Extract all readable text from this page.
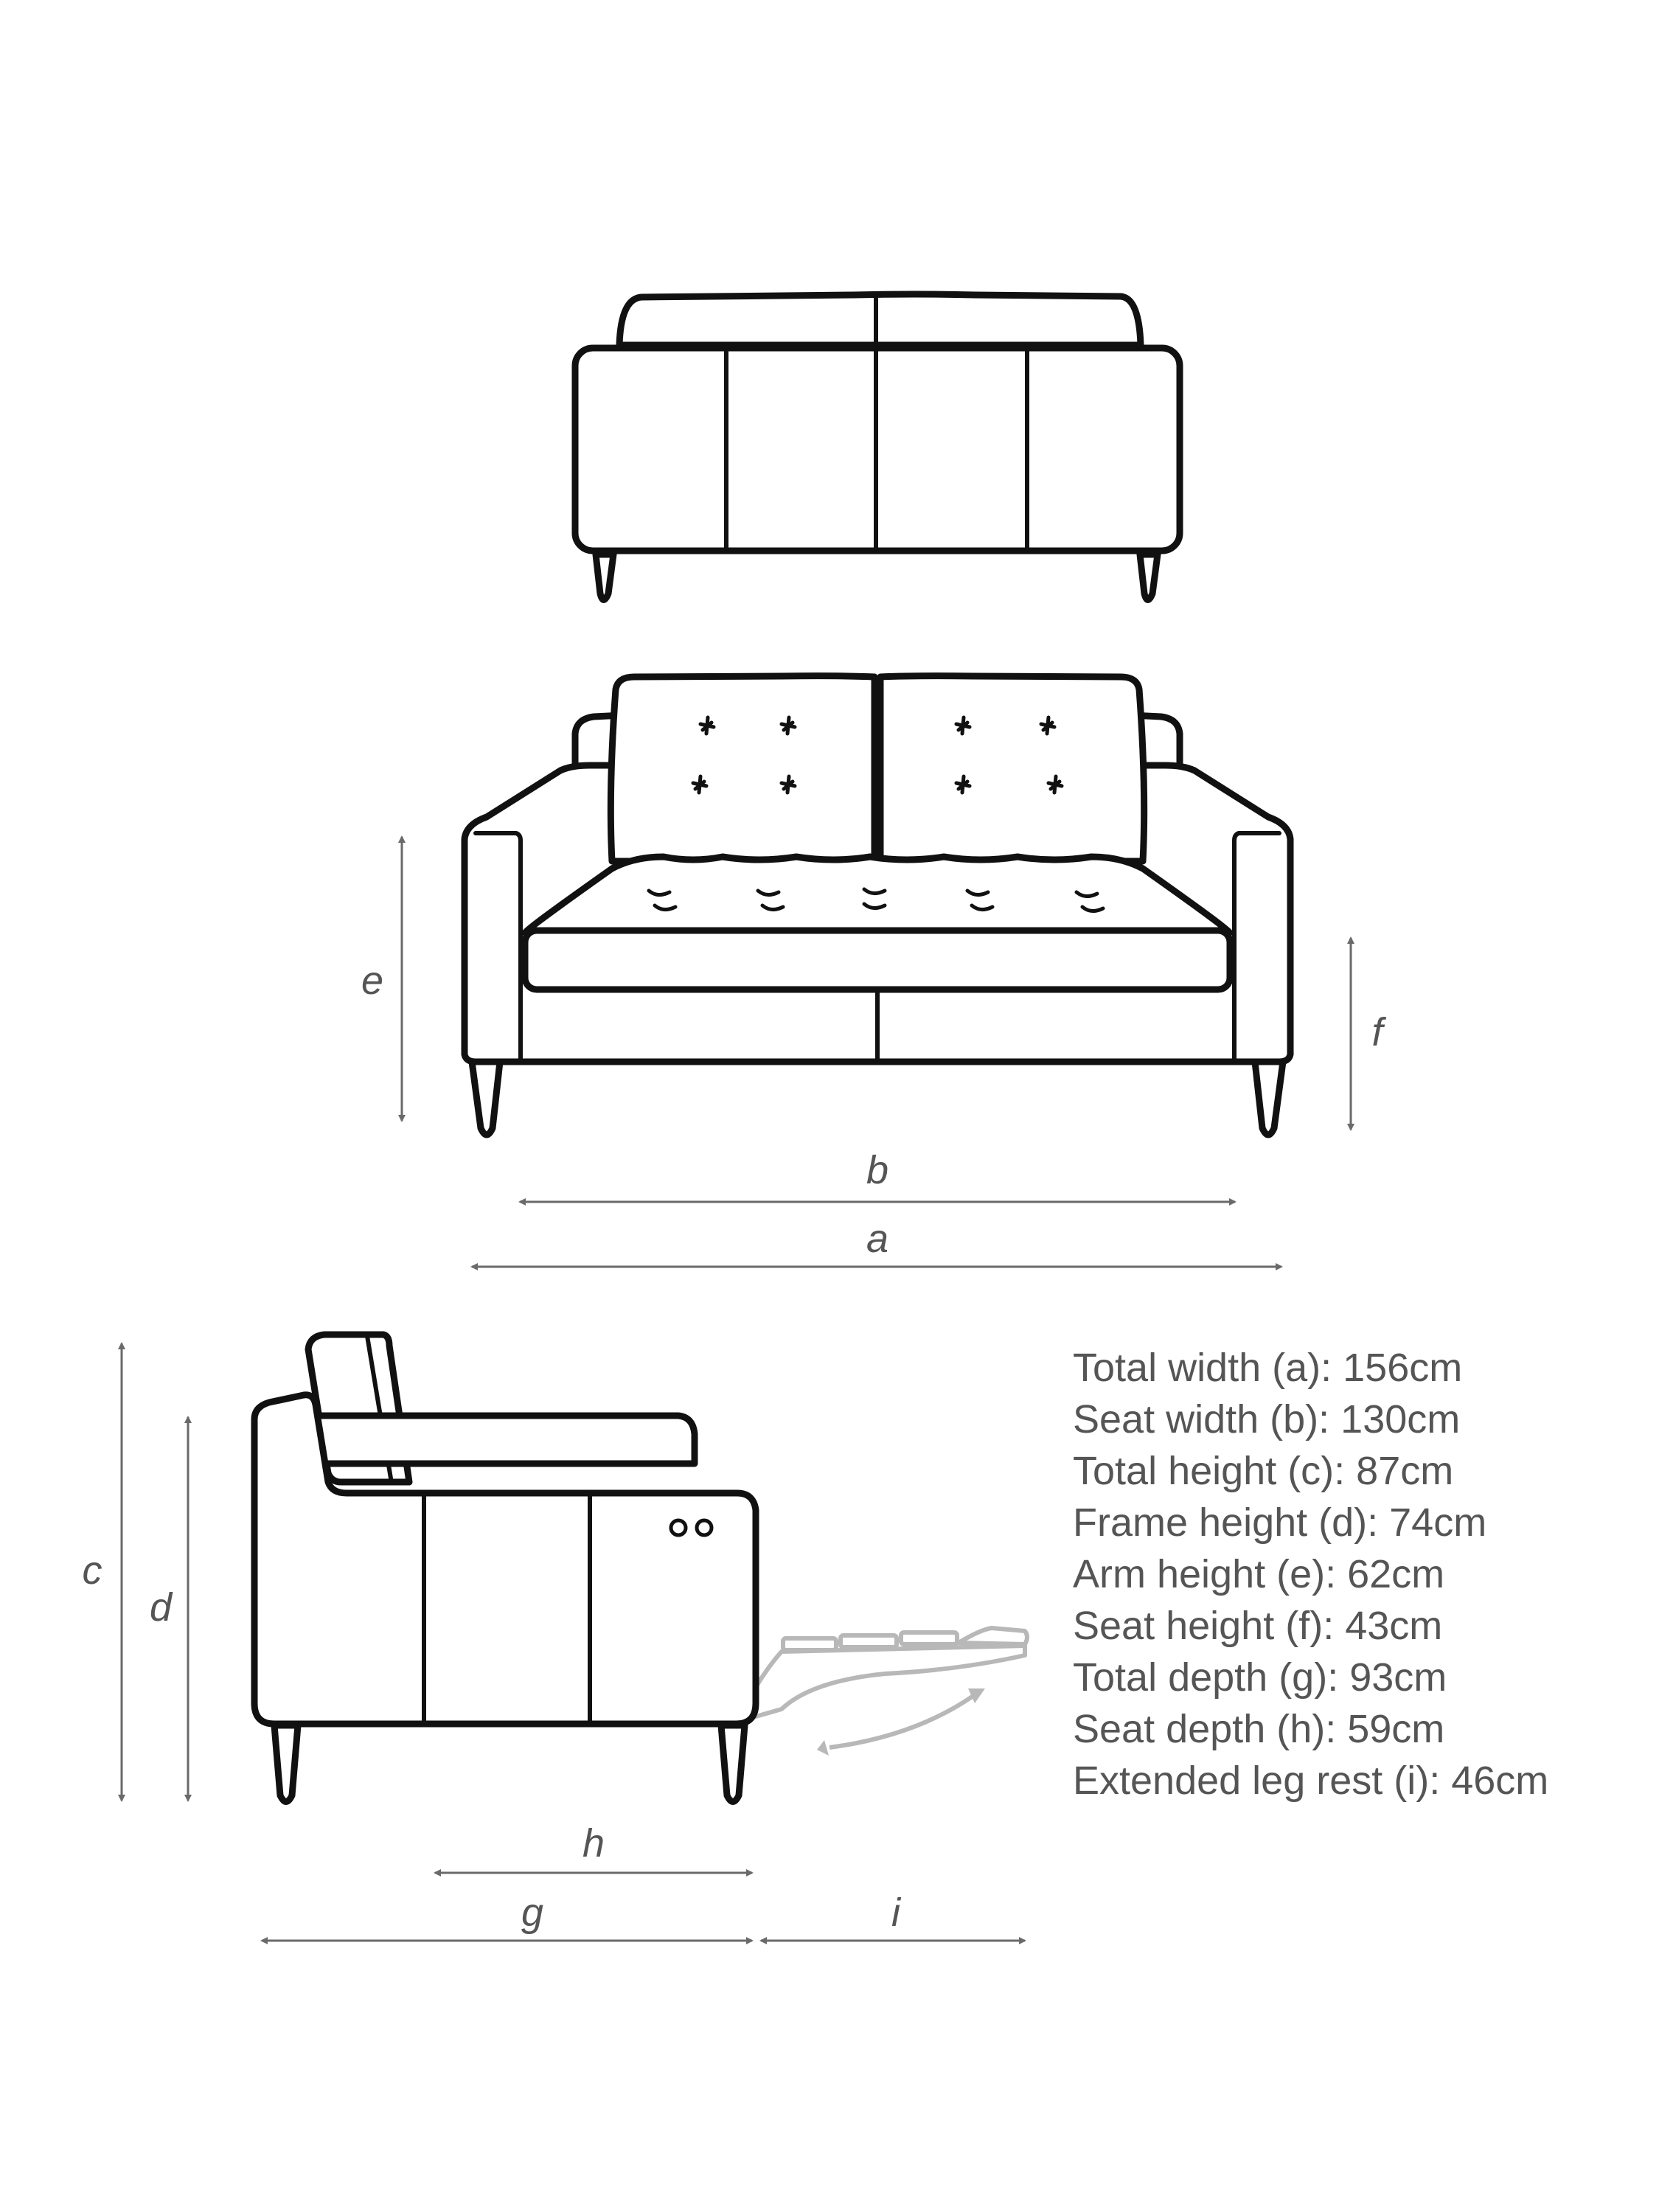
e
f
b
a
c
d
h
g	i
Total width (a): 156cm
Seat width (b): 130cm
Total height (c): 87cm
Frame height (d): 74cm
Arm height (e): 62cm
Seat height (f): 43cm
Total depth (g): 93cm
Seat depth (h): 59cm
Extended leg rest (i): 46cm
